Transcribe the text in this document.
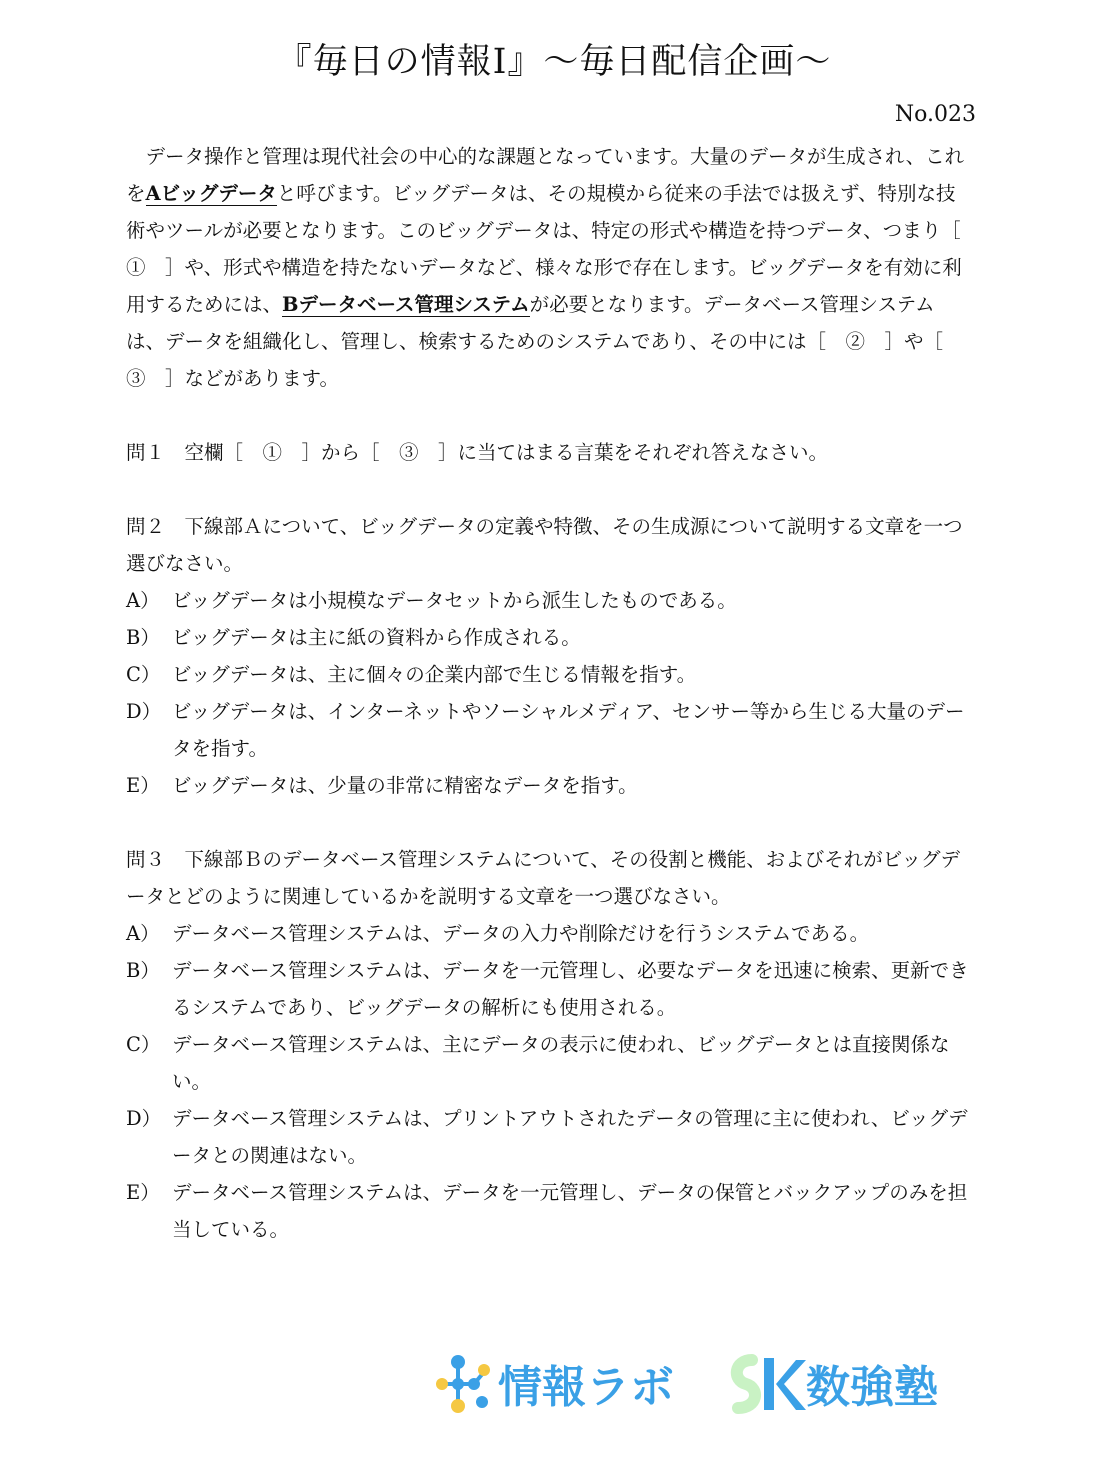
『毎日の情報Ⅰ』〜毎日配信企画〜
No.023

データ操作と管理は現代社会の中心的な課題となっています。大量のデータが生成され、これをAビッグデータと呼びます。ビッグデータは、その規模から従来の手法では扱えず、特別な技術やツールが必要となります。このビッグデータは、特定の形式や構造を持つデータ、つまり［　①　］や、形式や構造を持たないデータなど、様々な形で存在します。ビッグデータを有効に利用するためには、Bデータベース管理システムが必要となります。データベース管理システムは、データを組織化し、管理し、検索するためのシステムであり、その中には［　②　］や［　③　］などがあります。

問１ 空欄［　①　］から［　③　］に当てはまる言葉をそれぞれ答えなさい。

問２ 下線部Ａについて、ビッグデータの定義や特徴、その生成源について説明する文章を一つ選びなさい。

A） ビッグデータは小規模なデータセットから派生したものである。
B） ビッグデータは主に紙の資料から作成される。
C） ビッグデータは、主に個々の企業内部で生じる情報を指す。
D） ビッグデータは、インターネットやソーシャルメディア、センサー等から生じる大量のデータを指す。
E） ビッグデータは、少量の非常に精密なデータを指す。

問３ 下線部Ｂのデータベース管理システムについて、その役割と機能、およびそれがビッグデータとどのように関連しているかを説明する文章を一つ選びなさい。

A） データベース管理システムは、データの入力や削除だけを行うシステムである。
B） データベース管理システムは、データを一元管理し、必要なデータを迅速に検索、更新できるシステムであり、ビッグデータの解析にも使用される。
C） データベース管理システムは、主にデータの表示に使われ、ビッグデータとは直接関係ない。
D） データベース管理システムは、プリントアウトされたデータの管理に主に使われ、ビッグデータとの関連はない。
E） データベース管理システムは、データを一元管理し、データの保管とバックアップのみを担当している。
情報ラボ	数強塾
